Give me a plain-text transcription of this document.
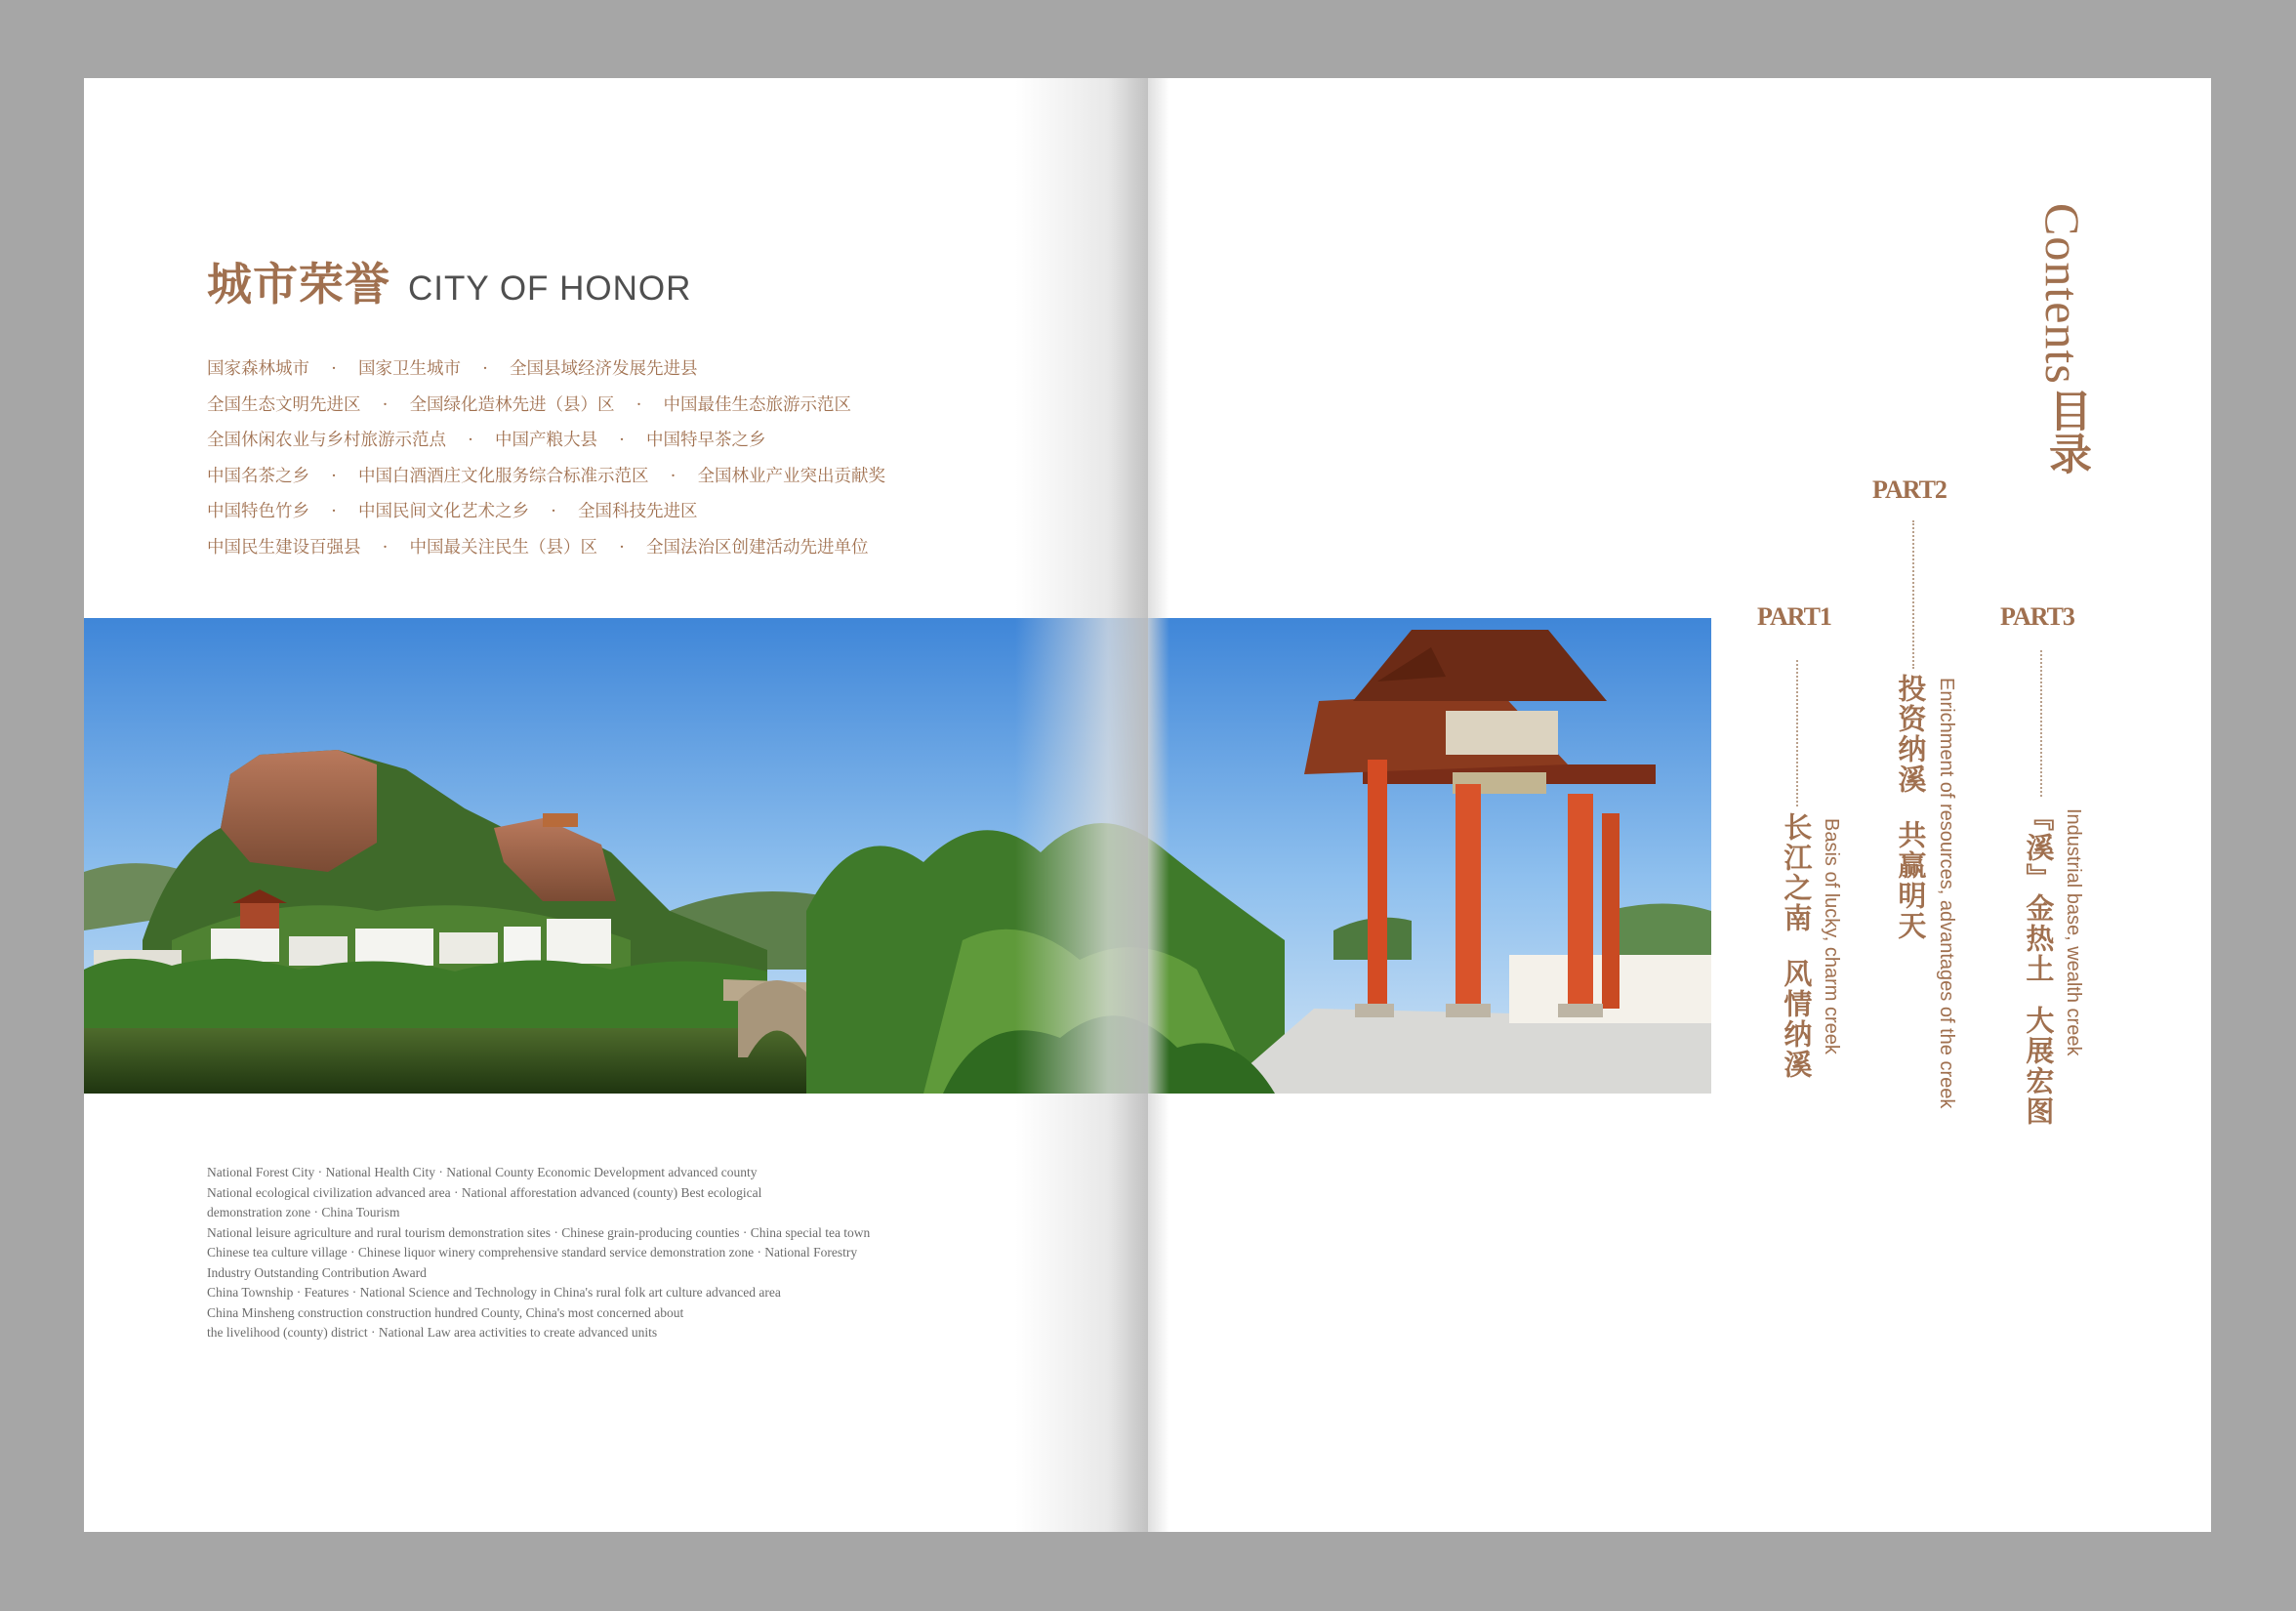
城市荣誉 CITY OF HONOR
国家森林城市 · 国家卫生城市 · 全国县域经济发展先进县
全国生态文明先进区 · 全国绿化造林先进（县）区 · 中国最佳生态旅游示范区
全国休闲农业与乡村旅游示范点 · 中国产粮大县 · 中国特早茶之乡
中国名茶之乡 · 中国白酒酒庄文化服务综合标准示范区 · 全国林业产业突出贡献奖
中国特色竹乡 · 中国民间文化艺术之乡 · 全国科技先进区
中国民生建设百强县 · 中国最关注民生（县）区 · 全国法治区创建活动先进单位
National Forest City · National Health City · National County Economic Development advanced county
National ecological civilization advanced area · National afforestation advanced (county) Best ecological
demonstration zone · China Tourism
National leisure agriculture and rural tourism demonstration sites · Chinese grain-producing counties · China special tea town
Chinese tea culture village · Chinese liquor winery comprehensive standard service demonstration zone · National Forestry
Industry Outstanding Contribution Award
China Township · Features · National Science and Technology in China's rural folk art culture advanced area
China Minsheng construction construction hundred County, China's most concerned about
the livelihood (county) district · National Law area activities to create advanced units
Contents
目录
PART2
投资纳溪
共赢明天 Enrichment of resources, advantages of the creek
PART1
长江之南
风情纳溪 Basis of lucky, charm creek
PART3
『溪』金热土
大展宏图
Industrial base, wealth creek
